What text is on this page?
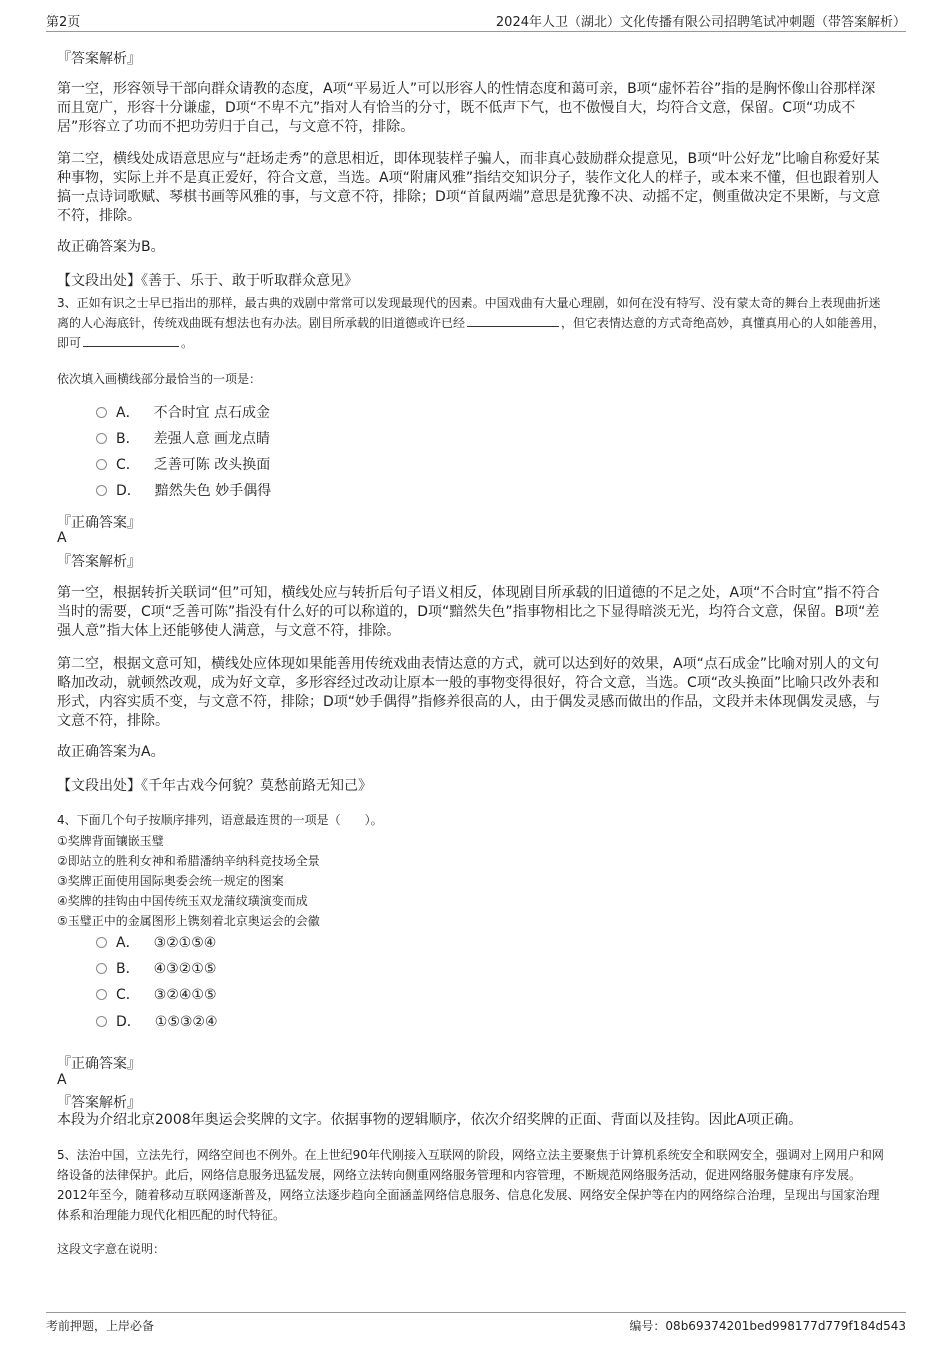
第2页	2024年人卫（湖北）文化传播有限公司招聘笔试冲刺题（带答案解析）
『答案解析』
第一空，形容领导干部向群众请教的态度，A项“平易近人”可以形容人的性情态度和蔼可亲，B项“虚怀若谷”指的是胸怀像山谷那样深而且宽广，形容十分谦虚，D项“不卑不亢”指对人有恰当的分寸，既不低声下气，也不傲慢自大，均符合文意，保留。C项“功成不居”形容立了功而不把功劳归于自己，与文意不符，排除。
第二空，横线处成语意思应与“赶场走秀”的意思相近，即体现装样子骗人，而非真心鼓励群众提意见，B项“叶公好龙”比喻自称爱好某种事物，实际上并不是真正爱好，符合文意，当选。A项“附庸风雅”指结交知识分子，装作文化人的样子，或本来不懂，但也跟着别人搞一点诗词歌赋、琴棋书画等风雅的事，与文意不符，排除；D项“首鼠两端”意思是犹豫不决、动摇不定，侧重做决定不果断，与文意不符，排除。
故正确答案为B。
【文段出处】《善于、乐于、敢于听取群众意见》
3、正如有识之士早已指出的那样，最古典的戏剧中常常可以发现最现代的因素。中国戏曲有大量心理剧，如何在没有特写、没有蒙太奇的舞台上表现曲折迷离的人心海底针，传统戏曲既有想法也有办法。剧目所承载的旧道德或许已经	，但它表情达意的方式奇绝高妙，真懂真用心的人如能善用，即可	。
依次填入画横线部分最恰当的一项是：
A． 不合时宜 点石成金
B． 差强人意 画龙点睛
C． 乏善可陈 改头换面
D． 黯然失色 妙手偶得
『正确答案』
A
『答案解析』
第一空，根据转折关联词“但”可知，横线处应与转折后句子语义相反，体现剧目所承载的旧道德的不足之处，A项“不合时宜”指不符合当时的需要，C项“乏善可陈”指没有什么好的可以称道的，D项“黯然失色”指事物相比之下显得暗淡无光，均符合文意，保留。B项“差强人意”指大体上还能够使人满意，与文意不符，排除。
第二空，根据文意可知，横线处应体现如果能善用传统戏曲表情达意的方式，就可以达到好的效果，A项“点石成金”比喻对别人的文句略加改动，就顿然改观，成为好文章，多形容经过改动让原本一般的事物变得很好，符合文意，当选。C项“改头换面”比喻只改外表和形式，内容实质不变，与文意不符，排除；D项“妙手偶得”指修养很高的人，由于偶发灵感而做出的作品，文段并未体现偶发灵感，与文意不符，排除。
故正确答案为A。
【文段出处】《千年古戏今何貌？莫愁前路无知己》
4、下面几个句子按顺序排列，语意最连贯的一项是（　　）。
①奖牌背面镶嵌玉璧
②即站立的胜利女神和希腊潘纳辛纳科竞技场全景
③奖牌正面使用国际奥委会统一规定的图案
④奖牌的挂钩由中国传统玉双龙蒲纹璜演变而成
⑤玉璧正中的金属图形上镌刻着北京奥运会的会徽
A． ③②①⑤④
B． ④③②①⑤
C． ③②④①⑤
D． ①⑤③②④
『正确答案』
A
『答案解析』
本段为介绍北京2008年奥运会奖牌的文字。依据事物的逻辑顺序，依次介绍奖牌的正面、背面以及挂钩。因此A项正确。
5、法治中国，立法先行，网络空间也不例外。在上世纪90年代刚接入互联网的阶段，网络立法主要聚焦于计算机系统安全和联网安全，强调对上网用户和网络设备的法律保护。此后，网络信息服务迅猛发展，网络立法转向侧重网络服务管理和内容管理，不断规范网络服务活动，促进网络服务健康有序发展。2012年至今，随着移动互联网逐渐普及，网络立法逐步趋向全面涵盖网络信息服务、信息化发展、网络安全保护等在内的网络综合治理，呈现出与国家治理体系和治理能力现代化相匹配的时代特征。
这段文字意在说明：
考前押题，上岸必备	编号：08b69374201bed998177d779f184d543
